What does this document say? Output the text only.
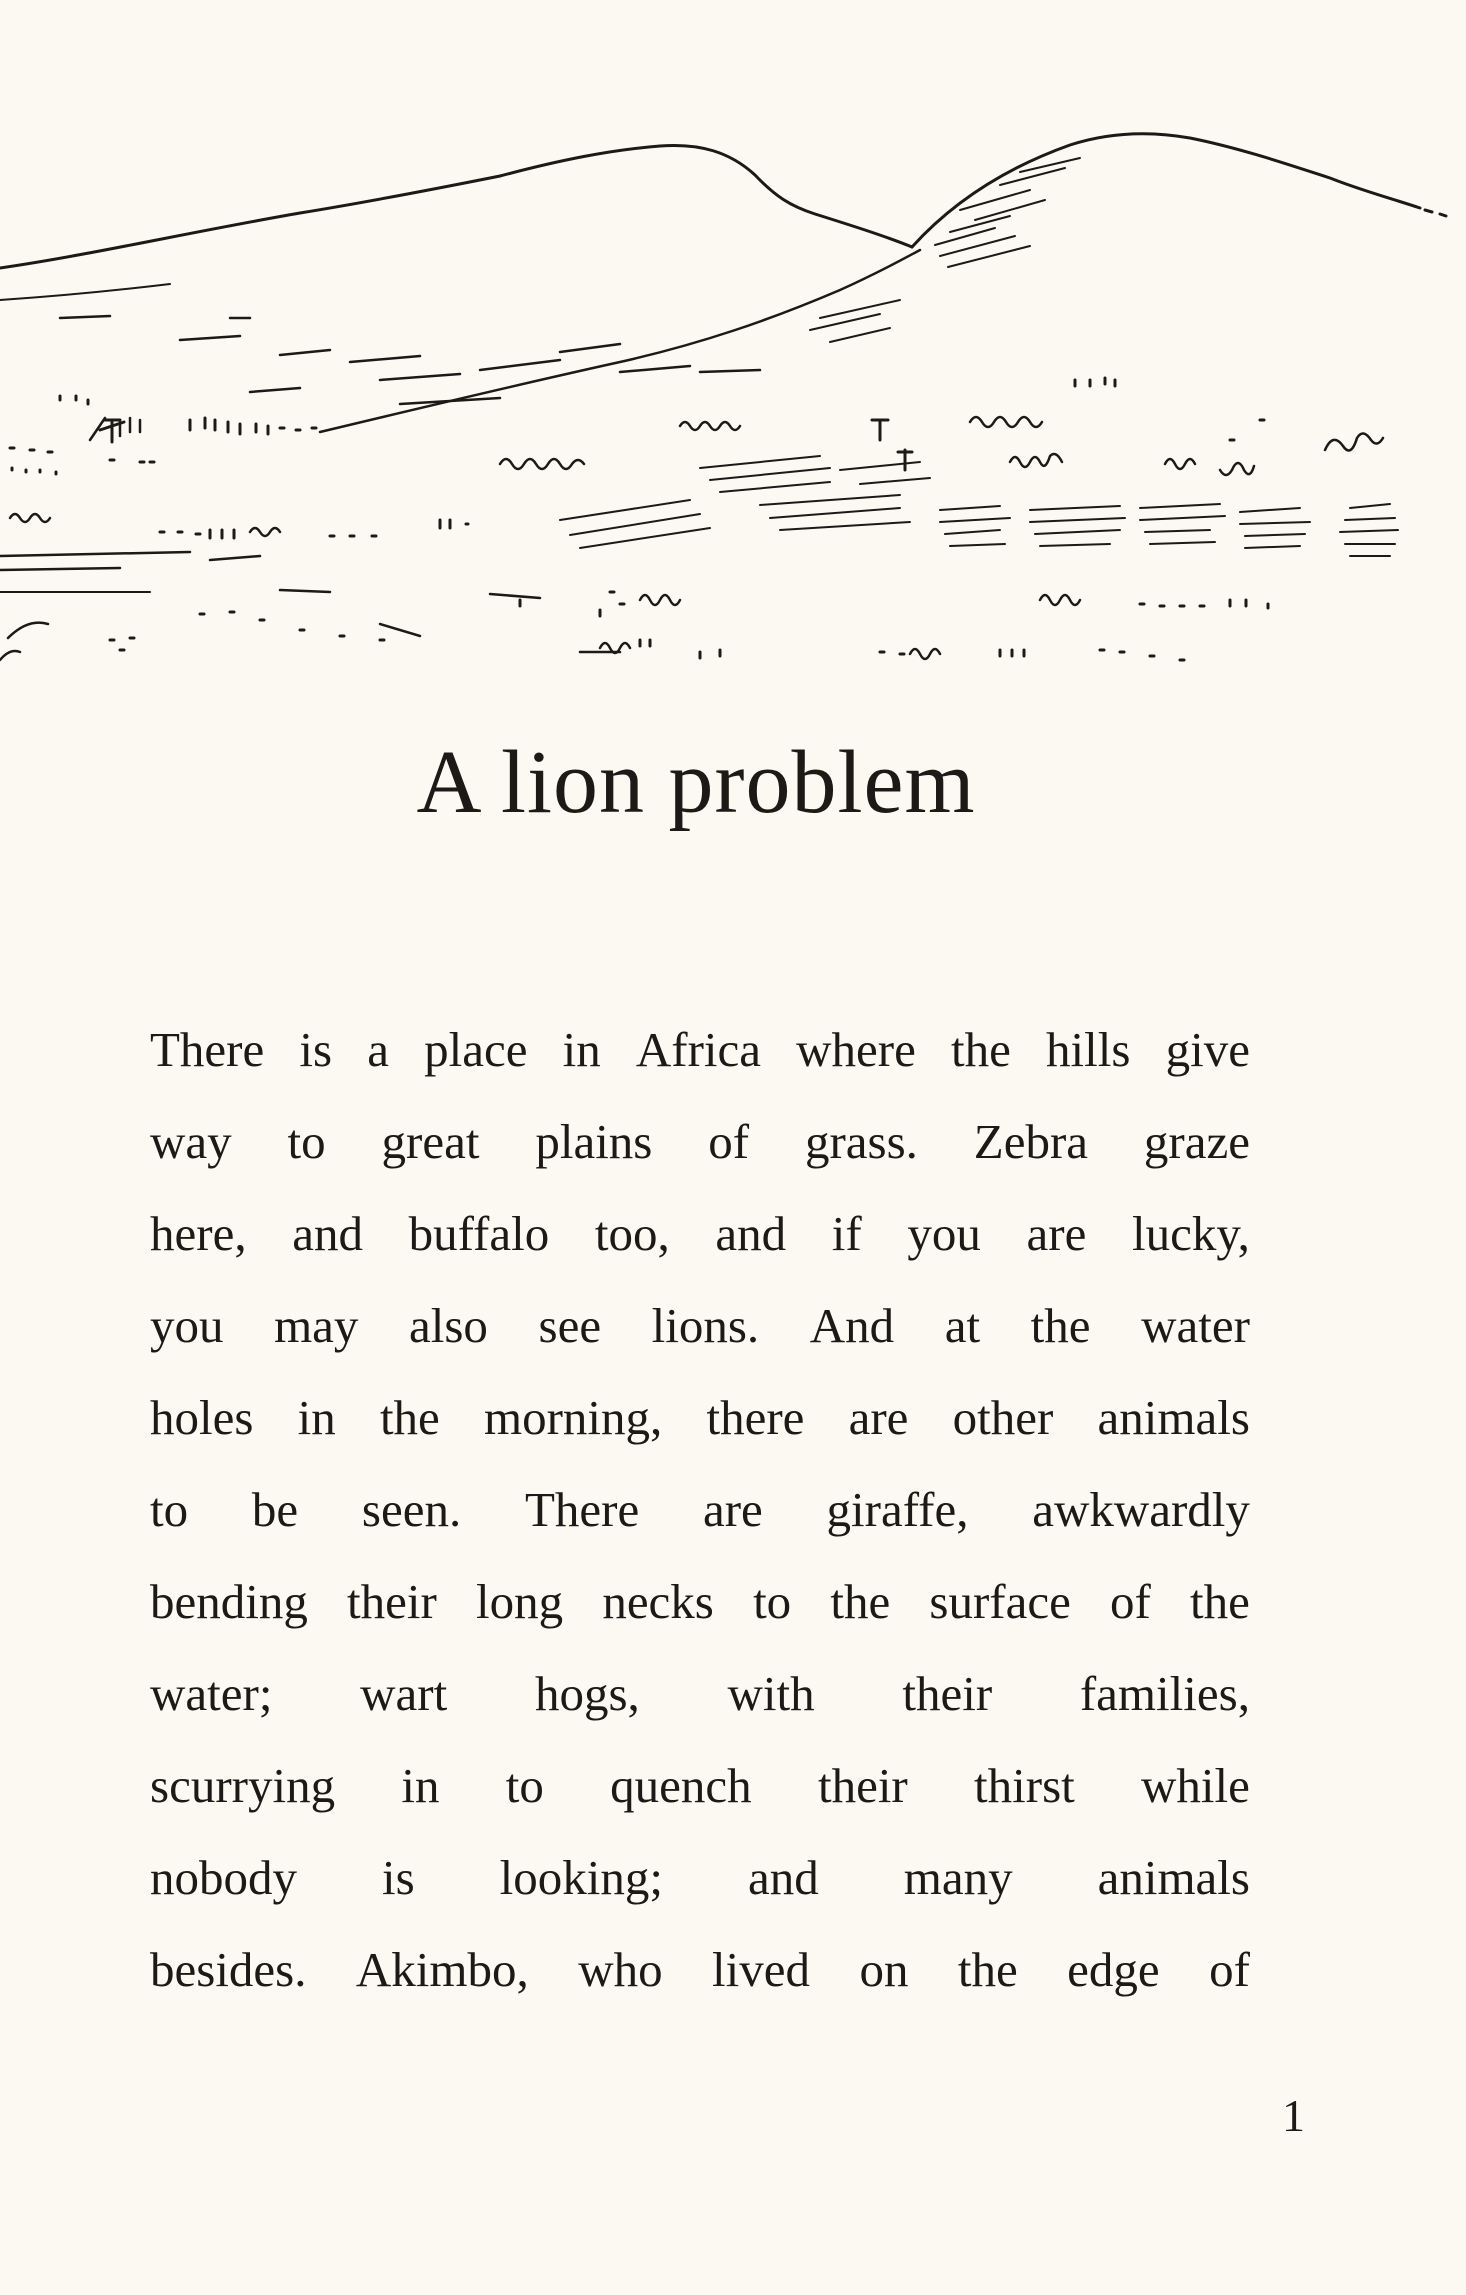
A lion problem
There is a place in Africa where the hills give
way to great plains of grass. Zebra graze
here, and buffalo too, and if you are lucky,
you may also see lions. And at the water
holes in the morning, there are other animals
to be seen. There are giraffe, awkwardly
bending their long necks to the surface of the
water; wart hogs, with their families,
scurrying in to quench their thirst while
nobody is looking; and many animals
besides. Akimbo, who lived on the edge of
1
